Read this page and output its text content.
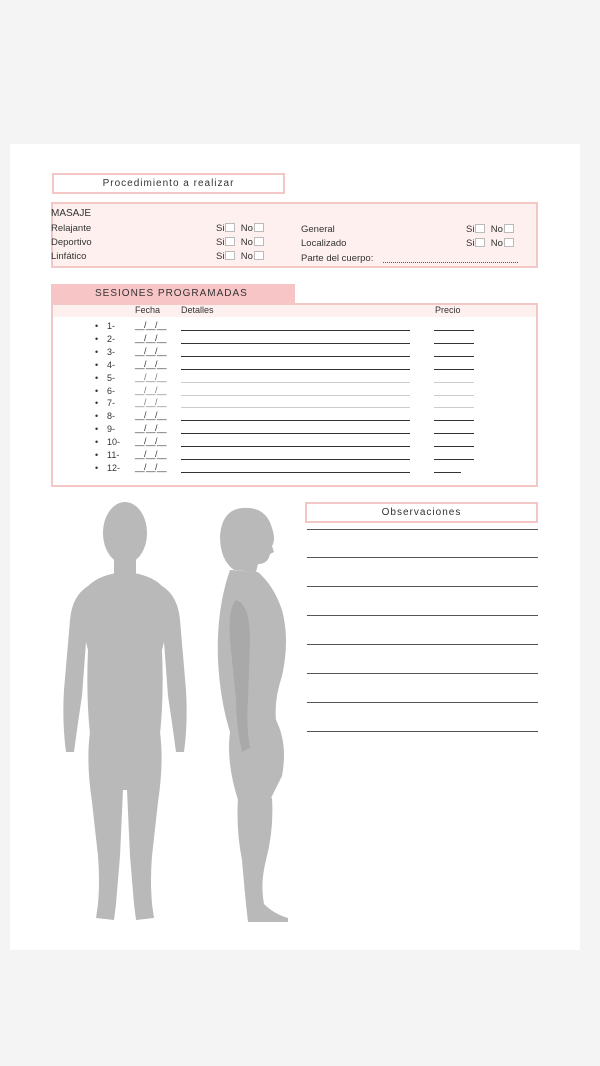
Procedimiento a realizar
MASAJE
Relajante
Deportivo
Linfático
Si No
Si No
Si No
General
Localizado
Parte del cuerpo:
Si No
Si No
SESIONES PROGRAMADAS
Fecha Detalles	Precio
• 1- __/__/__
• 2- __/__/__
• 3- __/__/__
• 4- __/__/__
• 5- __/__/__
• 6- __/__/__
• 7- __/__/__
• 8- __/__/__
• 9- __/__/__
• 10- __/__/__
• 11- __/__/__
• 12- __/__/__
Observaciones
